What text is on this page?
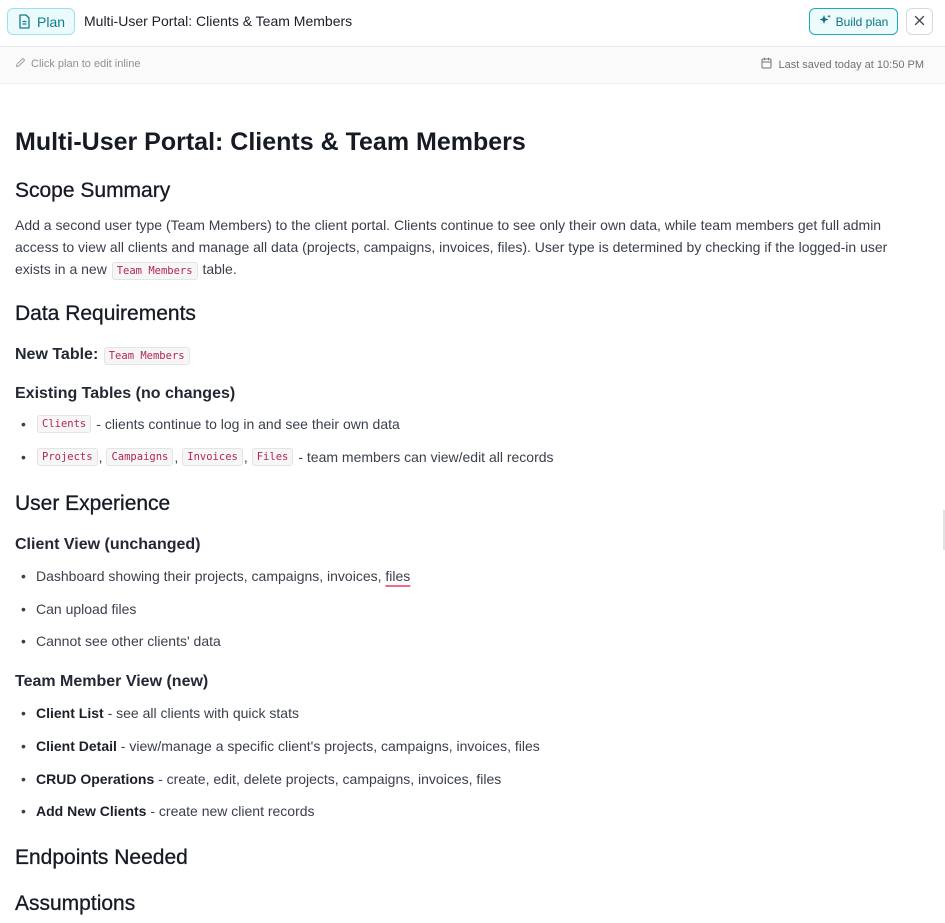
Plan Multi-User Portal: Clients & Team Members	Build plan
Click plan to edit inline	Last saved today at 10:50 PM
Multi-User Portal: Clients & Team Members
Scope Summary
Add a second user type (Team Members) to the client portal. Clients continue to see only their own data, while team members get full admin access to view all clients and manage all data (projects, campaigns, invoices, files). User type is determined by checking if the logged-in user exists in a new Team Members table.
Data Requirements
New Table: Team Members
Existing Tables (no changes)
•	Clients - clients continue to log in and see their own data
•	Projects , Campaigns , Invoices , Files - team members can view/edit all records
User Experience
Client View (unchanged)
• Dashboard showing their projects, campaigns, invoices,
files
• Can upload files
• Cannot see other clients' data
Team Member View (new)
• Client List
- see all clients with quick stats
• Client Detail
- view/manage a specific client's projects, campaigns, invoices, files
• CRUD Operations
- create, edit, delete projects, campaigns, invoices, files
• Add New Clients
- create new client records
Endpoints Needed
Assumptions
